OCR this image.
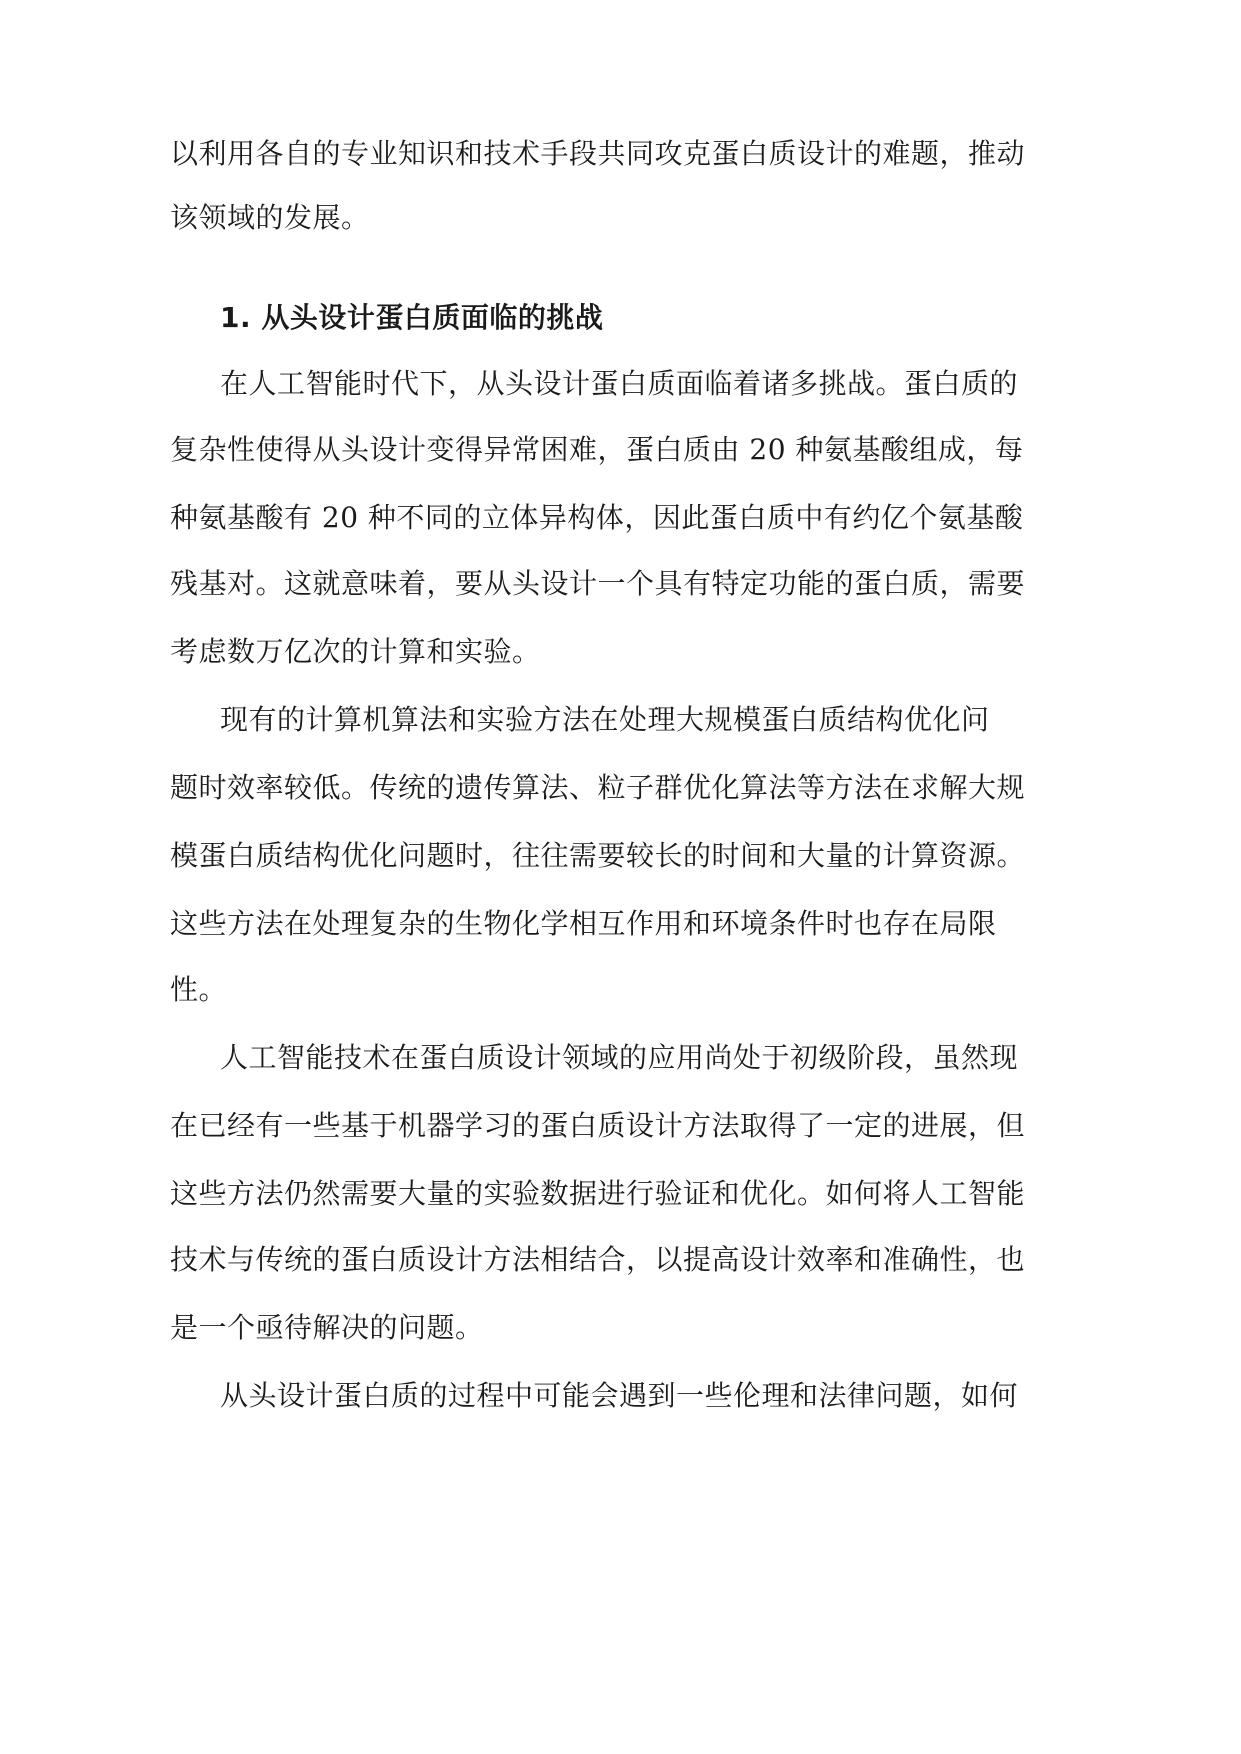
以利用各自的专业知识和技术手段共同攻克蛋白质设计的难题，推动
该领域的发展。
1. 从头设计蛋白质面临的挑战
在人工智能时代下，从头设计蛋白质面临着诸多挑战。蛋白质的
复杂性使得从头设计变得异常困难，蛋白质由 20 种氨基酸组成，每
种氨基酸有 20 种不同的立体异构体，因此蛋白质中有约亿个氨基酸
残基对。这就意味着，要从头设计一个具有特定功能的蛋白质，需要
考虑数万亿次的计算和实验。
现有的计算机算法和实验方法在处理大规模蛋白质结构优化问
题时效率较低。传统的遗传算法、粒子群优化算法等方法在求解大规
模蛋白质结构优化问题时，往往需要较长的时间和大量的计算资源。
这些方法在处理复杂的生物化学相互作用和环境条件时也存在局限
性。
人工智能技术在蛋白质设计领域的应用尚处于初级阶段，虽然现
在已经有一些基于机器学习的蛋白质设计方法取得了一定的进展，但
这些方法仍然需要大量的实验数据进行验证和优化。如何将人工智能
技术与传统的蛋白质设计方法相结合，以提高设计效率和准确性，也
是一个亟待解决的问题。
从头设计蛋白质的过程中可能会遇到一些伦理和法律问题，如何
